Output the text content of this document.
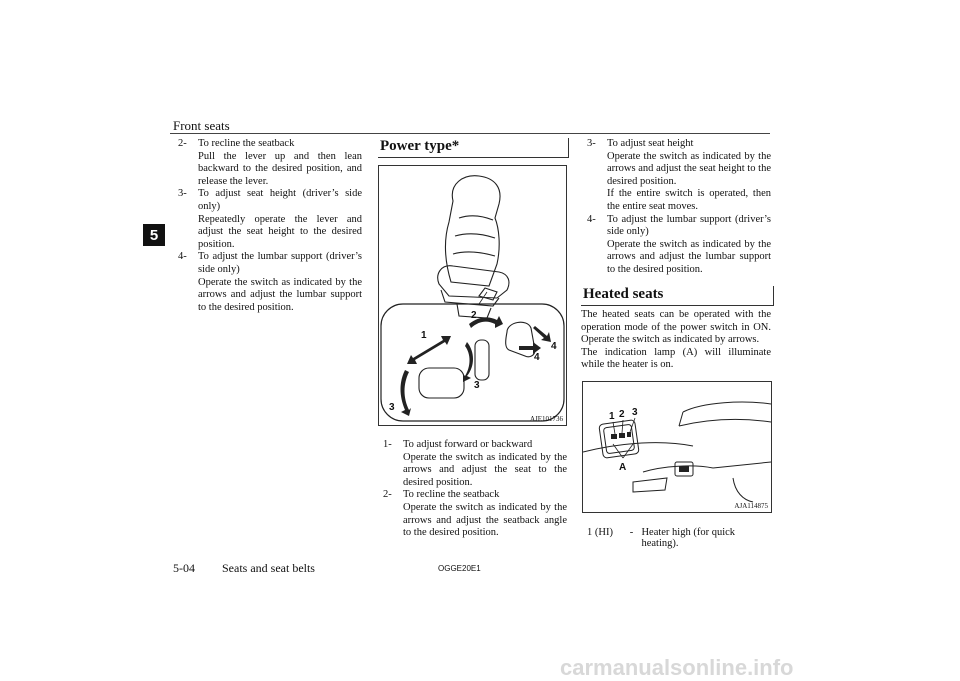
Front seats
5
2-	To recline the seatback

Pull the lever up and then lean backward to the desired position, and release the lever.

3-	To adjust seat height (driver’s side only)

Repeatedly operate the lever and adjust the seat height to the desired position.

4-	To adjust the lumbar support (driver’s side only)

Operate the switch as indicated by the arrows and adjust the lumbar support to the desired position.

Power type*
1
2
3
3
4
4
AJE101736
1-	To adjust forward or backward

Operate the switch as indicated by the arrows and adjust the seat to the desired position.

2-	To recline the seatback

Operate the switch as indicated by the arrows and adjust the seatback angle to the desired position.

3-	To adjust seat height

Operate the switch as indicated by the arrows and adjust the seat height to the desired position.

If the entire switch is operated, then the entire seat moves.

4-	To adjust the lumbar support (driver’s side only)

Operate the switch as indicated by the arrows and adjust the lumbar support to the desired position.

Heated seats

The heated seats can be operated with the operation mode of the power switch in ON. Operate the switch as indicated by arrows.

The indication lamp (A) will illuminate while the heater is on.

1 2 3
A
AJA114875
1 (HI)	- Heater high (for quick heating).
5-04 Seats and seat belts	OGGE20E1
carmanualsonline.info
